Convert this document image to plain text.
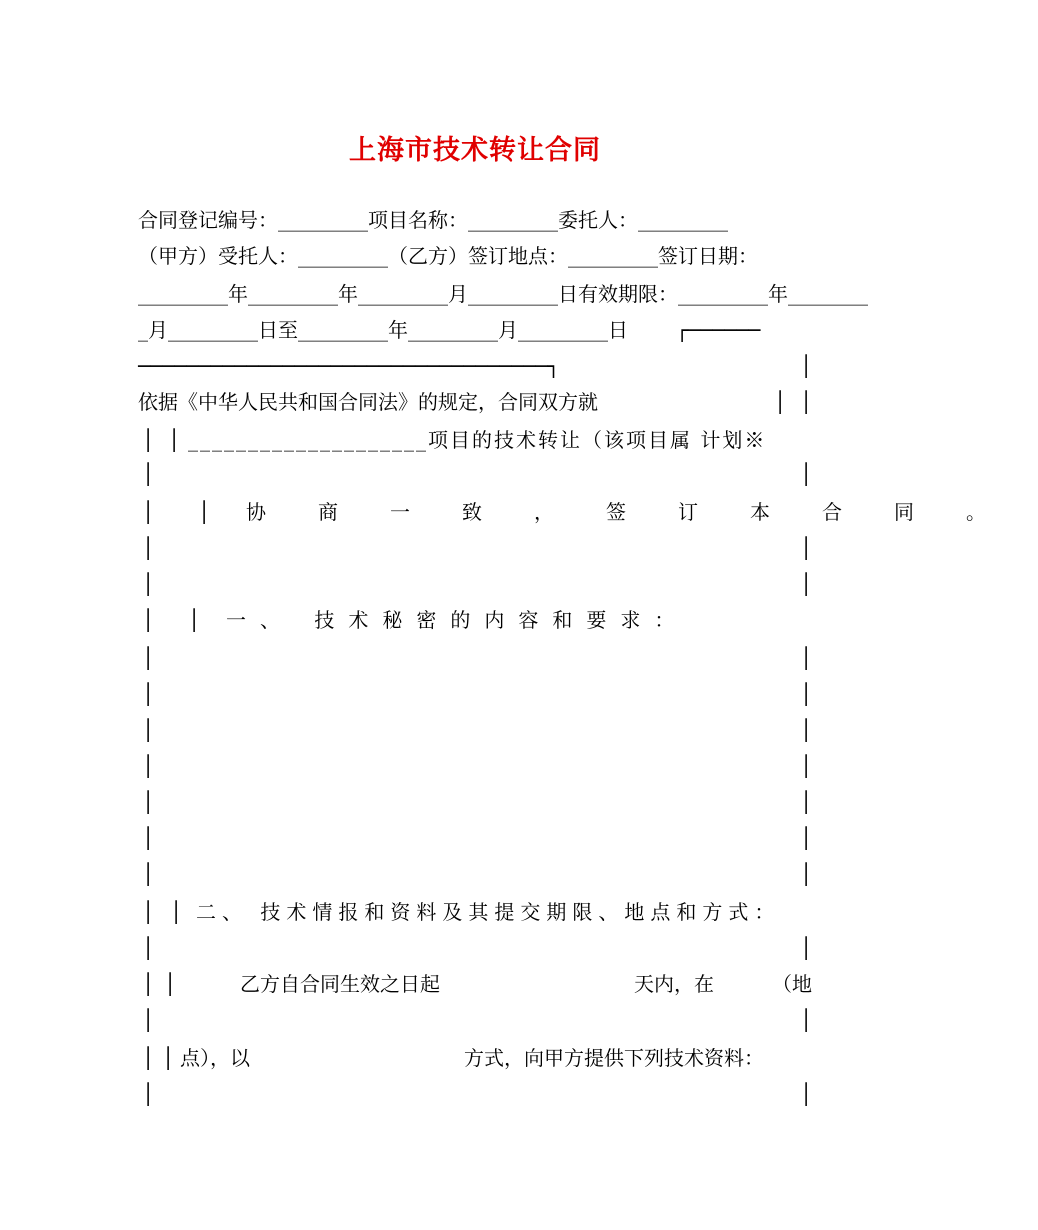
上海市技术转让合同
合同登记编号：_________项目名称：_________委托人：_________
（甲方）受托人：_________（乙方）签订地点：_________签订日期：
_________年_________年_________月_________日有效期限：_________年________
_月_________日至_________年_________月_________日	┌──────
──────────────────────────────────┐	│
依据《中华人民共和国合同法》的规定，合同双方就	│ │
│ │ ____________________项目的技术转让（该项目属 计划※
│	│
│ │ 协商一致，签订本合同。
│	│
│	│
│ │ 一、 技术秘密的内容和要求：
│	│
│	│
│	│
│	│
│	│
│	│
│	│
│ │ 二、 技术情报和资料及其提交期限、地点和方式：
│	│
│ │	乙方自合同生效之日起	天内，在	（地
│	│
│ │ 点），以	方式，向甲方提供下列技术资料：
│	│
